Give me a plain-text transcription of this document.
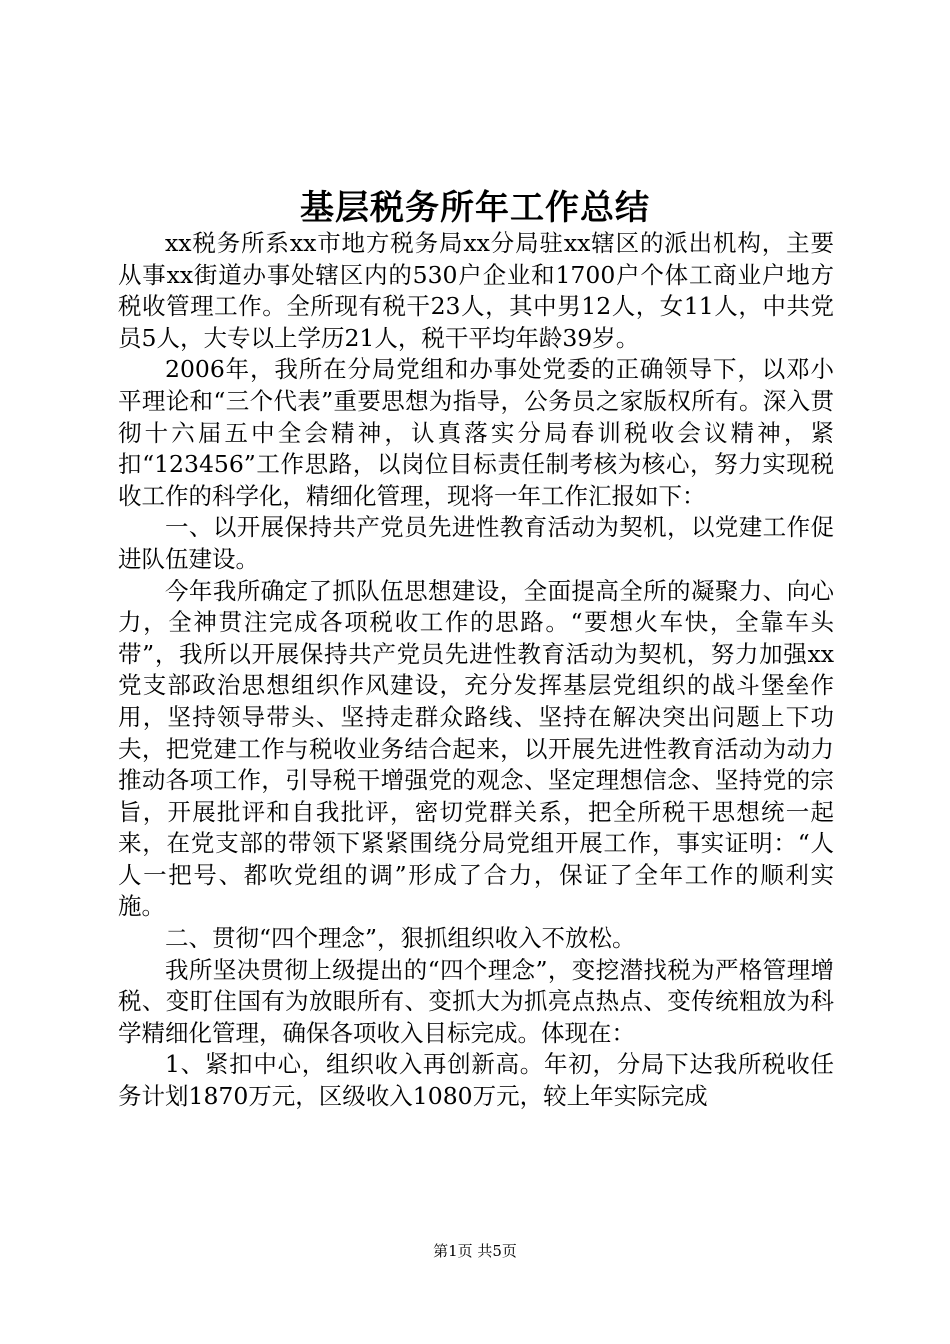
基层税务所年工作总结

xx税务所系xx市地方税务局xx分局驻xx辖区的派出机构，主要从事xx街道办事处辖区内的530户企业和1700户个体工商业户地方税收管理工作。全所现有税干23人，其中男12人，女11人，中共党员5人，大专以上学历21人，税干平均年龄39岁。

2006年，我所在分局党组和办事处党委的正确领导下，以邓小平理论和“三个代表”重要思想为指导，公务员之家版权所有。深入贯彻十六届五中全会精神，认真落实分局春训税收会议精神，紧扣“123456”工作思路，以岗位目标责任制考核为核心，努力实现税收工作的科学化，精细化管理，现将一年工作汇报如下：

一、以开展保持共产党员先进性教育活动为契机，以党建工作促进队伍建设。

今年我所确定了抓队伍思想建设，全面提高全所的凝聚力、向心力，全神贯注完成各项税收工作的思路。“要想火车快，全靠车头带”，我所以开展保持共产党员先进性教育活动为契机，努力加强xx党支部政治思想组织作风建设，充分发挥基层党组织的战斗堡垒作用，坚持领导带头、坚持走群众路线、坚持在解决突出问题上下功夫，把党建工作与税收业务结合起来，以开展先进性教育活动为动力推动各项工作，引导税干增强党的观念、坚定理想信念、坚持党的宗旨，开展批评和自我批评，密切党群关系，把全所税干思想统一起来，在党支部的带领下紧紧围绕分局党组开展工作，事实证明：“人人一把号、都吹党组的调”形成了合力，保证了全年工作的顺利实施。

二、贯彻“四个理念”，狠抓组织收入不放松。

我所坚决贯彻上级提出的“四个理念”，变挖潜找税为严格管理增税、变盯住国有为放眼所有、变抓大为抓亮点热点、变传统粗放为科学精细化管理，确保各项收入目标完成。体现在：

1、紧扣中心，组织收入再创新高。年初，分局下达我所税收任务计划1870万元，区级收入1080万元，较上年实际完成

第1页 共5页
